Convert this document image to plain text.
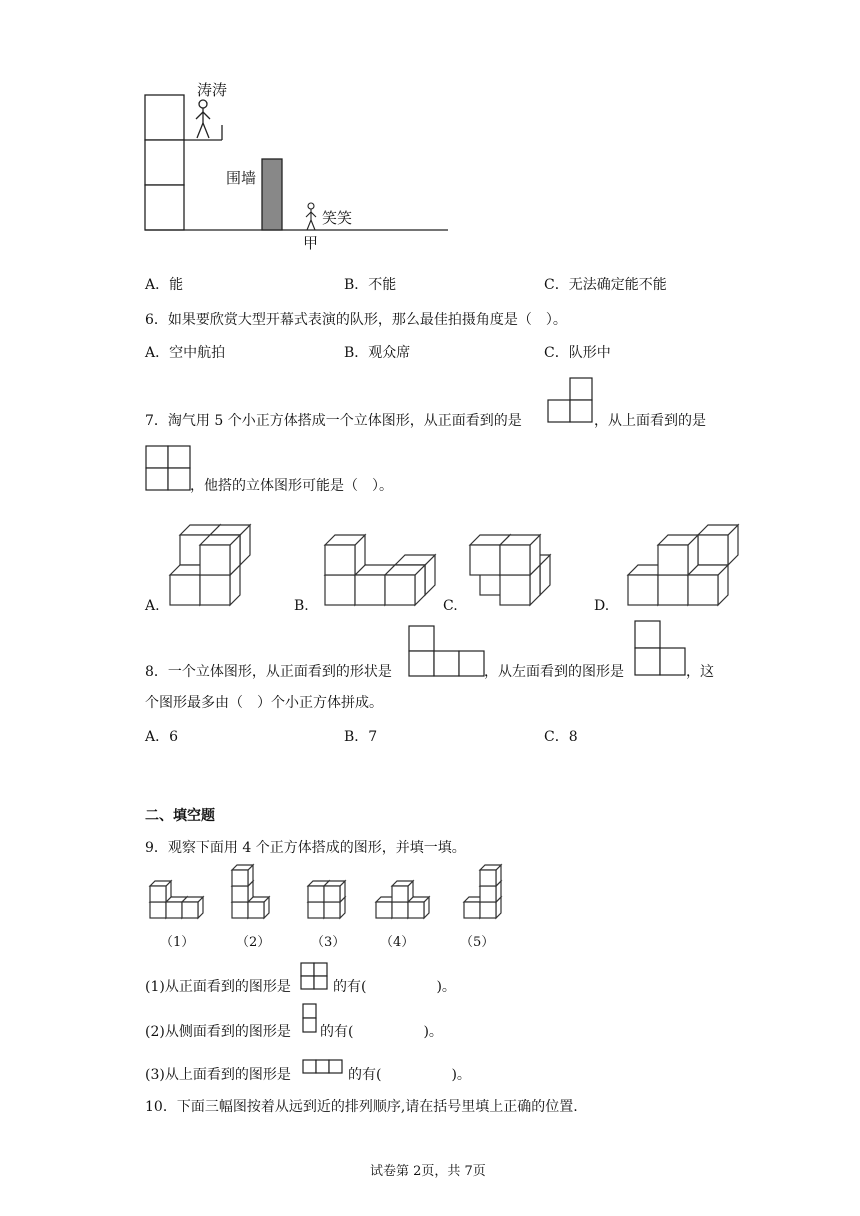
涛涛
围墙
笑笑
甲
A．能	B．不能	C．无法确定能不能
6．如果要欣赏大型开幕式表演的队形，那么最佳拍摄角度是（　）。
A．空中航拍	B．观众席	C．队形中
7．淘气用 5 个小正方体搭成一个立体图形，从正面看到的是	，从上面看到的是
，他搭的立体图形可能是（　）。
A.	B.	C.	D.
8．一个立体图形，从正面看到的形状是	，从左面看到的图形是	，这
个图形最多由（　）个小正方体拼成。
A．6	B．7	C．8
二、填空题
9．观察下面用 4 个正方体搭成的图形，并填一填。
（1）	（2）	（3）	（4）	（5）
(1)从正面看到的图形是	的有(　　　　　)。
(2)从侧面看到的图形是 的有(　　　　　)。
(3)从上面看到的图形是	的有(　　　　　)。
10．下面三幅图按着从远到近的排列顺序,请在括号里填上正确的位置.
试卷第 2页，共 7页
